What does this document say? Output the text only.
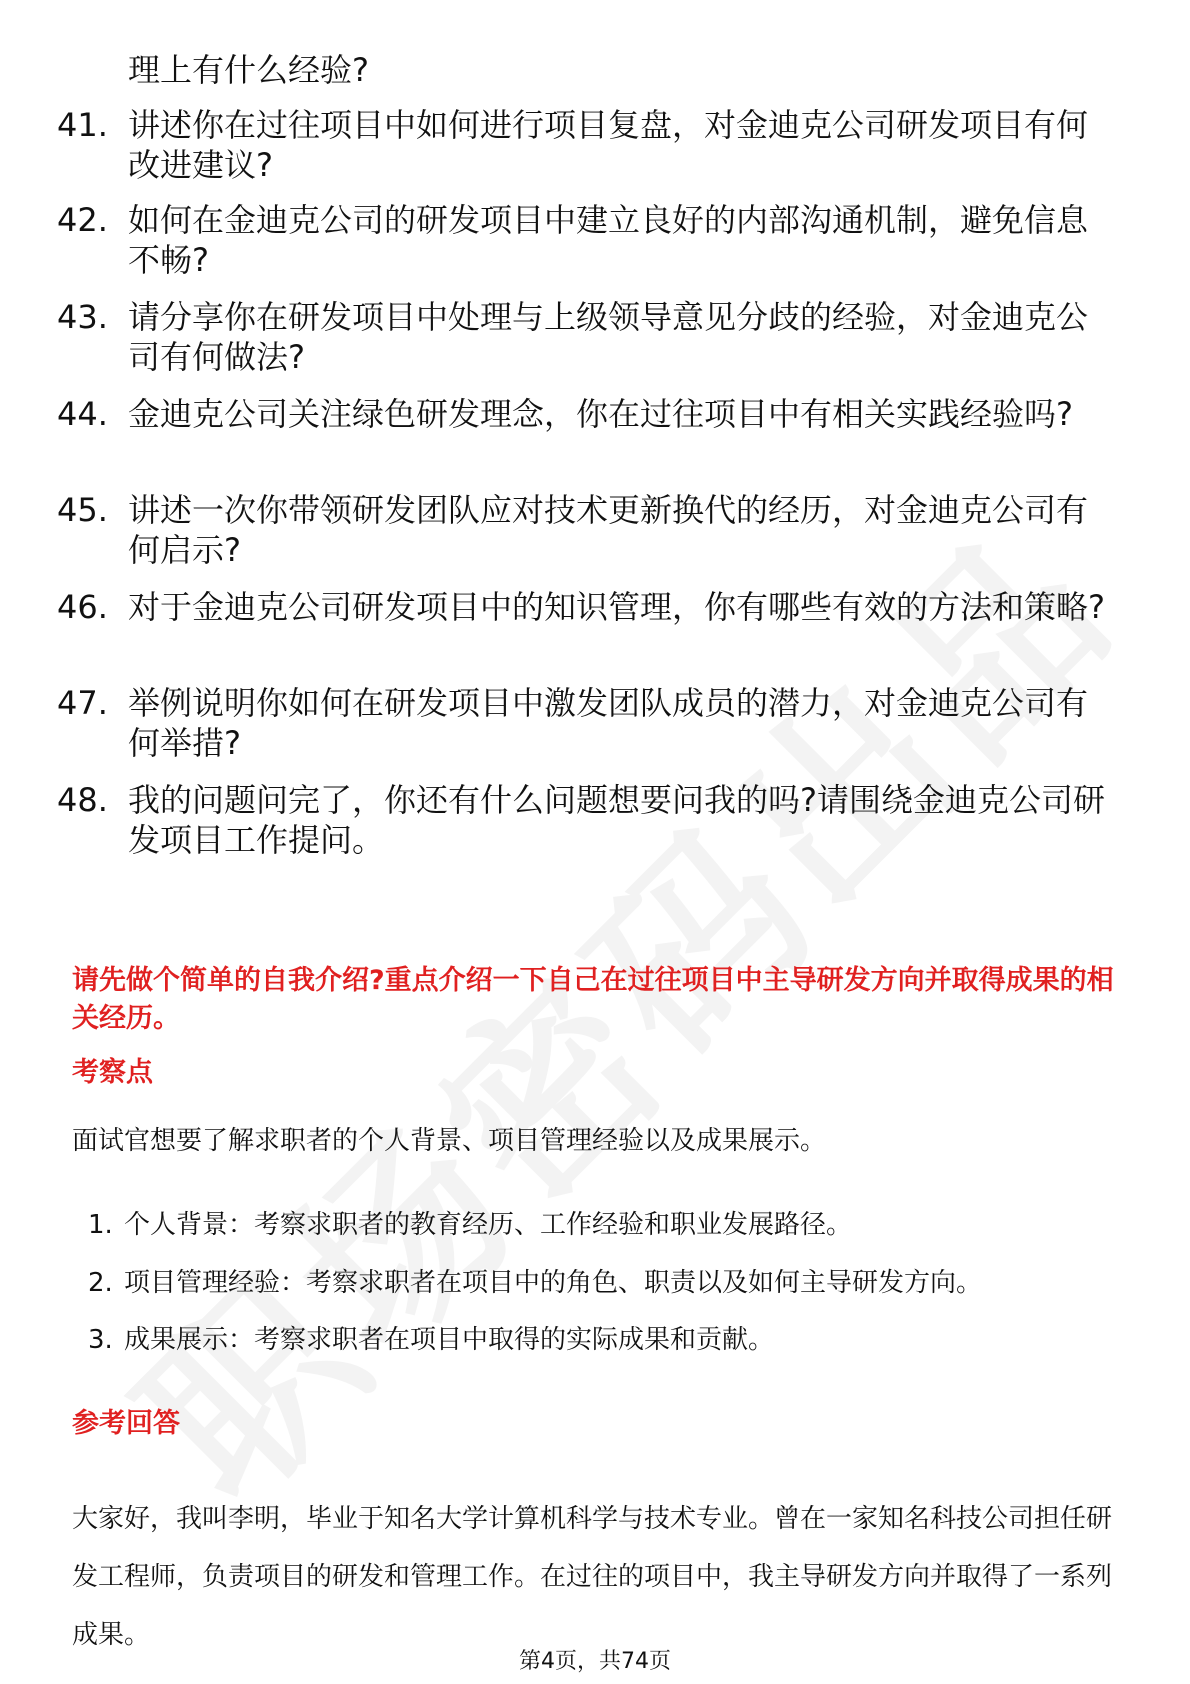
理上有什么经验?
41. 讲述你在过往项目中如何进行项目复盘，对金迪克公司研发项目有何改进建议?
42. 如何在金迪克公司的研发项目中建立良好的内部沟通机制，避免信息不畅?
43. 请分享你在研发项目中处理与上级领导意见分歧的经验，对金迪克公司有何做法?
44. 金迪克公司关注绿色研发理念，你在过往项目中有相关实践经验吗?
45. 讲述一次你带领研发团队应对技术更新换代的经历，对金迪克公司有何启示?
46. 对于金迪克公司研发项目中的知识管理，你有哪些有效的方法和策略?
47. 举例说明你如何在研发项目中激发团队成员的潜力，对金迪克公司有何举措?
48. 我的问题问完了，你还有什么问题想要问我的吗?请围绕金迪克公司研发项目工作提问。
请先做个简单的自我介绍?重点介绍一下自己在过往项目中主导研发方向并取得成果的相关经历。
考察点
面试官想要了解求职者的个人背景、项目管理经验以及成果展示。
1. 个人背景：考察求职者的教育经历、工作经验和职业发展路径。
2. 项目管理经验：考察求职者在项目中的角色、职责以及如何主导研发方向。
3. 成果展示：考察求职者在项目中取得的实际成果和贡献。
参考回答
大家好，我叫李明，毕业于知名大学计算机科学与技术专业。曾在一家知名科技公司担任研发工程师，负责项目的研发和管理工作。在过往的项目中，我主导研发方向并取得了一系列成果。
第4页，共74页
